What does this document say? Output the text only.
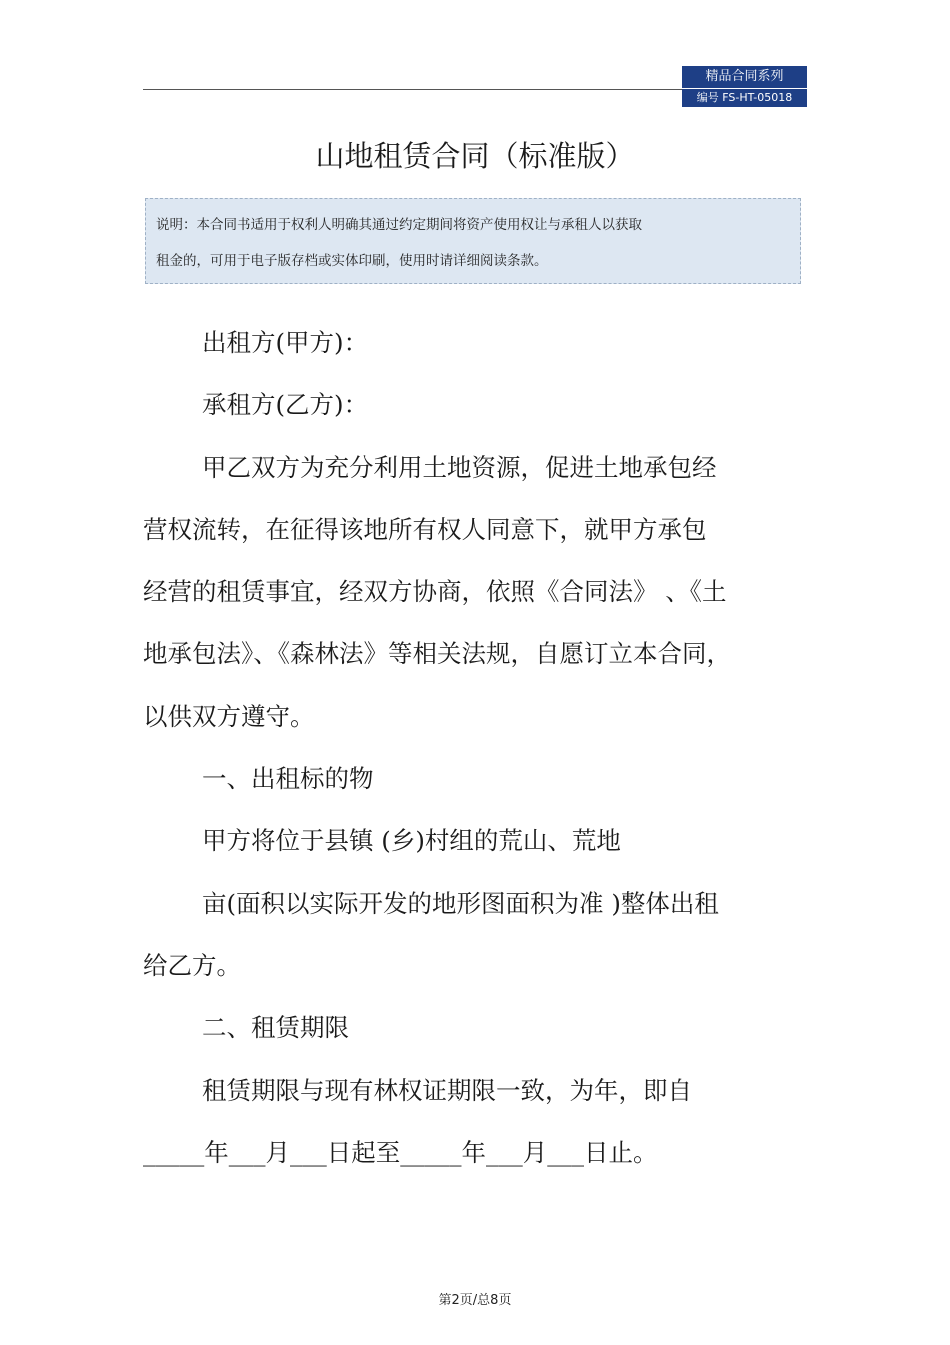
精品合同系列
编号 FS-HT-05018
山地租赁合同（标准版）
说明：本合同书适用于权利人明确其通过约定期间将资产使用权让与承租人以获取
租金的，可用于电子版存档或实体印刷，使用时请详细阅读条款。
出租方(甲方)：
承租方(乙方)：
甲乙双方为充分利用土地资源，促进土地承包经
营权流转，在征得该地所有权人同意下，就甲方承包
经营的租赁事宜，经双方协商，依照《合同法》 、《土
地承包法》、《森林法》等相关法规，自愿订立本合同，
以供双方遵守。
一、出租标的物
甲方将位于县镇 (乡)村组的荒山、荒地
亩(面积以实际开发的地形图面积为准 )整体出租
给乙方。
二、租赁期限
租赁期限与现有林权证期限一致，为年，即自
_____年___月___日起至_____年___月___日止。
第2页/总8页
